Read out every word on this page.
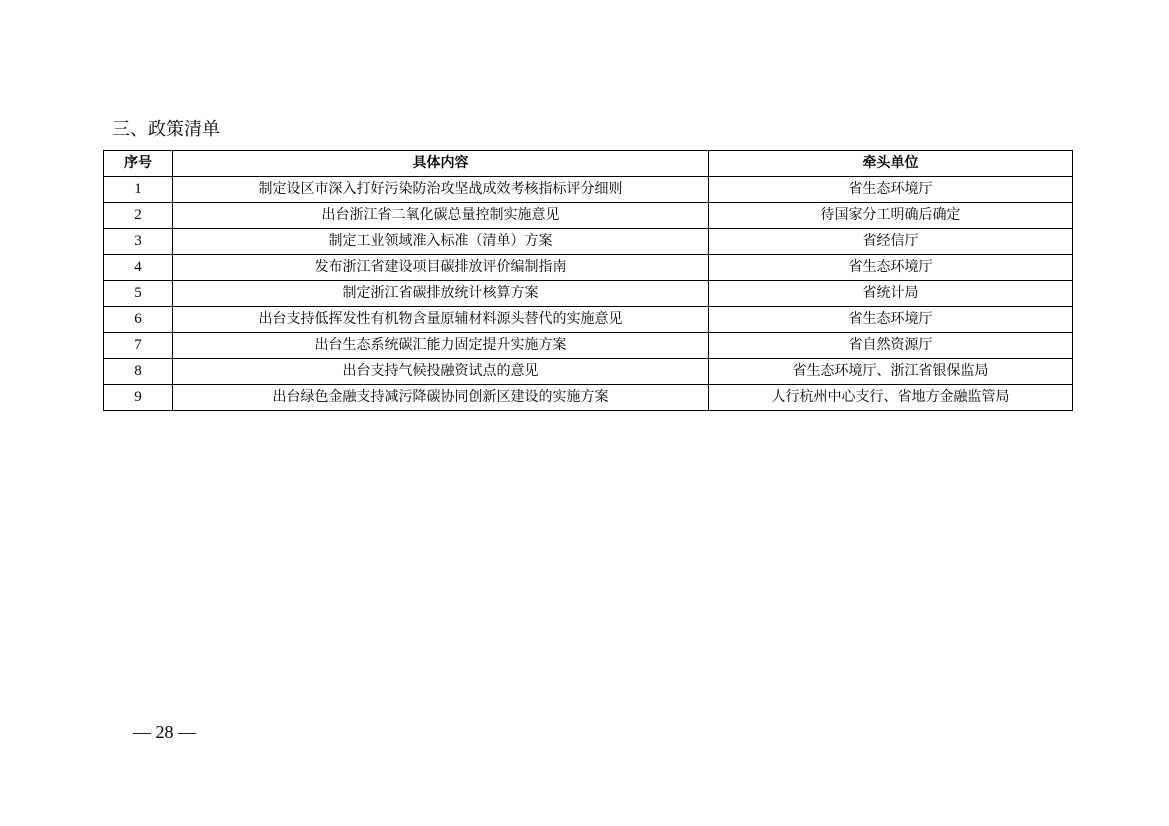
三、政策清单
序号	具体内容	牵头单位
1	制定设区市深入打好污染防治攻坚战成效考核指标评分细则	省生态环境厅
2	出台浙江省二氧化碳总量控制实施意见	待国家分工明确后确定
3	制定工业领域准入标准（清单）方案	省经信厅
4	发布浙江省建设项目碳排放评价编制指南	省生态环境厅
5	制定浙江省碳排放统计核算方案	省统计局
6	出台支持低挥发性有机物含量原辅材料源头替代的实施意见	省生态环境厅
7	出台生态系统碳汇能力固定提升实施方案	省自然资源厅
8	出台支持气候投融资试点的意见	省生态环境厅、浙江省银保监局
9	出台绿色金融支持减污降碳协同创新区建设的实施方案	人行杭州中心支行、省地方金融监管局
— 28 —
